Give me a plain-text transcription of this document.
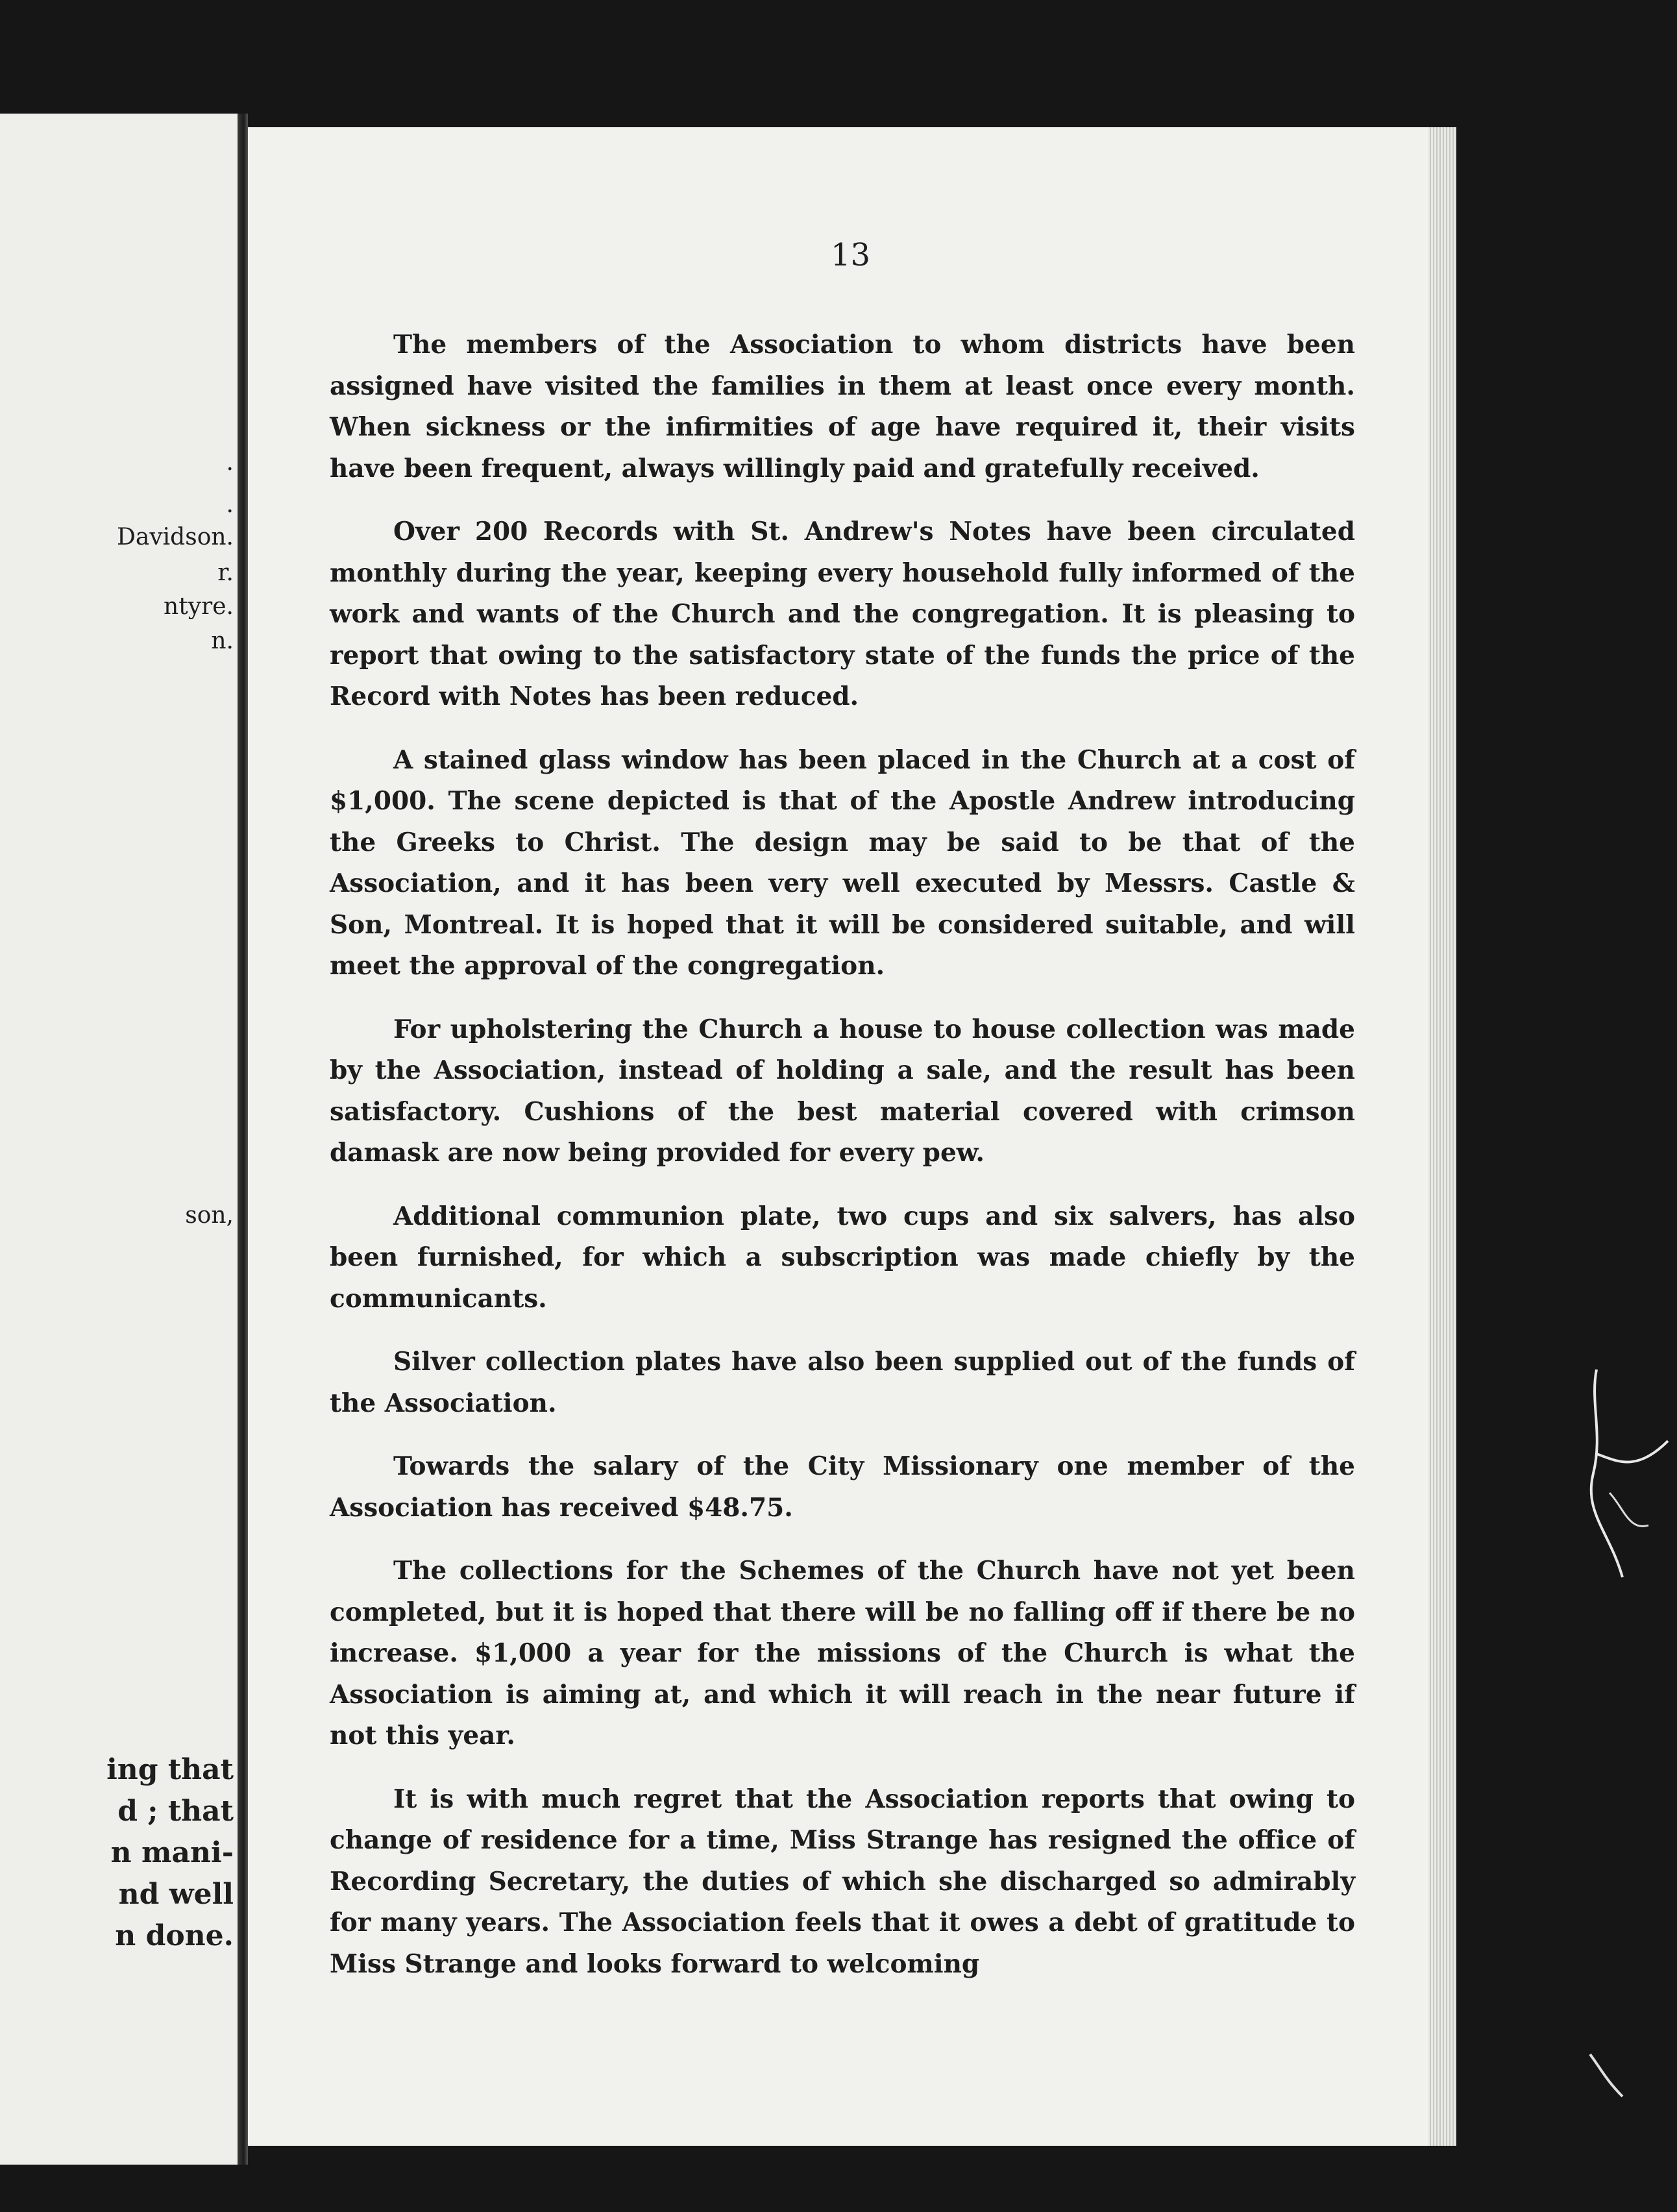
.
.
Davidson.
r.
ntyre.
n.
son,
ing that
d ; that
n mani-
nd well
n done.
13

The members of the Association to whom districts have been assigned have visited the families in them at least once every month. When sickness or the infirmities of age have required it, their visits have been frequent, always willingly paid and gratefully received.

Over 200 Records with St. Andrew's Notes have been circulated monthly during the year, keeping every household fully informed of the work and wants of the Church and the congregation. It is pleasing to report that owing to the satisfactory state of the funds the price of the Record with Notes has been reduced.

A stained glass window has been placed in the Church at a cost of $1,000. The scene depicted is that of the Apostle Andrew introducing the Greeks to Christ. The design may be said to be that of the Association, and it has been very well executed by Messrs. Castle & Son, Montreal. It is hoped that it will be considered suitable, and will meet the approval of the congregation.

For upholstering the Church a house to house collection was made by the Association, instead of holding a sale, and the result has been satisfactory. Cushions of the best material covered with crimson damask are now being provided for every pew.

Additional communion plate, two cups and six salvers, has also been furnished, for which a subscription was made chiefly by the communicants.

Silver collection plates have also been supplied out of the funds of the Association.

Towards the salary of the City Missionary one member of the Association has received $48.75.

The collections for the Schemes of the Church have not yet been completed, but it is hoped that there will be no falling off if there be no increase. $1,000 a year for the missions of the Church is what the Association is aiming at, and which it will reach in the near future if not this year.

It is with much regret that the Association reports that owing to change of residence for a time, Miss Strange has resigned the office of Recording Secretary, the duties of which she discharged so admirably for many years. The Association feels that it owes a debt of gratitude to Miss Strange and looks forward to welcoming
